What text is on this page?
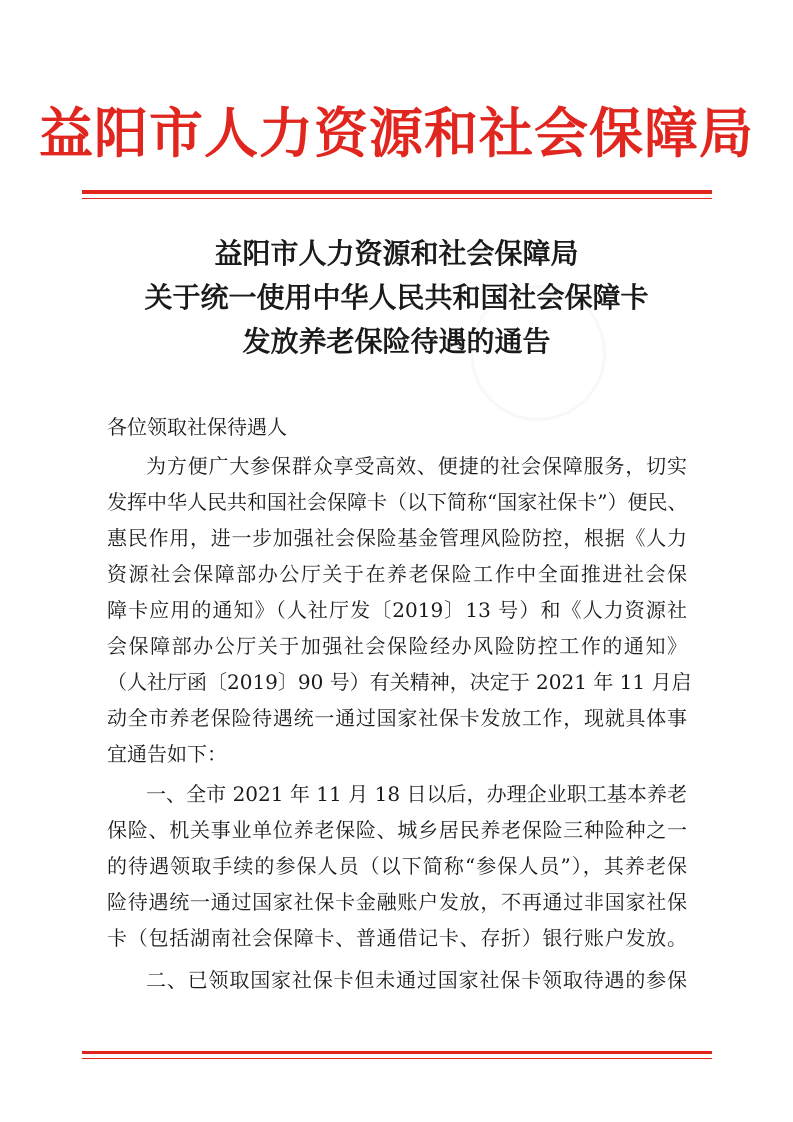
益阳市人力资源和社会保障局
益阳市人力资源和社会保障局
关于统一使用中华人民共和国社会保障卡
发放养老保险待遇的通告
各位领取社保待遇人
为方便广大参保群众享受高效、便捷的社会保障服务，切实
发挥中华人民共和国社会保障卡（以下简称“国家社保卡”）便民、
惠民作用，进一步加强社会保险基金管理风险防控，根据《人力
资源社会保障部办公厅关于在养老保险工作中全面推进社会保
障卡应用的通知》（人社厅发〔2019〕13 号）和《人力资源社
会保障部办公厅关于加强社会保险经办风险防控工作的通知》
（人社厅函〔2019〕90 号）有关精神，决定于 2021 年 11 月启
动全市养老保险待遇统一通过国家社保卡发放工作，现就具体事
宜通告如下：
一、全市 2021 年 11 月 18 日以后，办理企业职工基本养老
保险、机关事业单位养老保险、城乡居民养老保险三种险种之一
的待遇领取手续的参保人员（以下简称“参保人员”），其养老保
险待遇统一通过国家社保卡金融账户发放，不再通过非国家社保
卡（包括湖南社会保障卡、普通借记卡、存折）银行账户发放。
二、已领取国家社保卡但未通过国家社保卡领取待遇的参保
